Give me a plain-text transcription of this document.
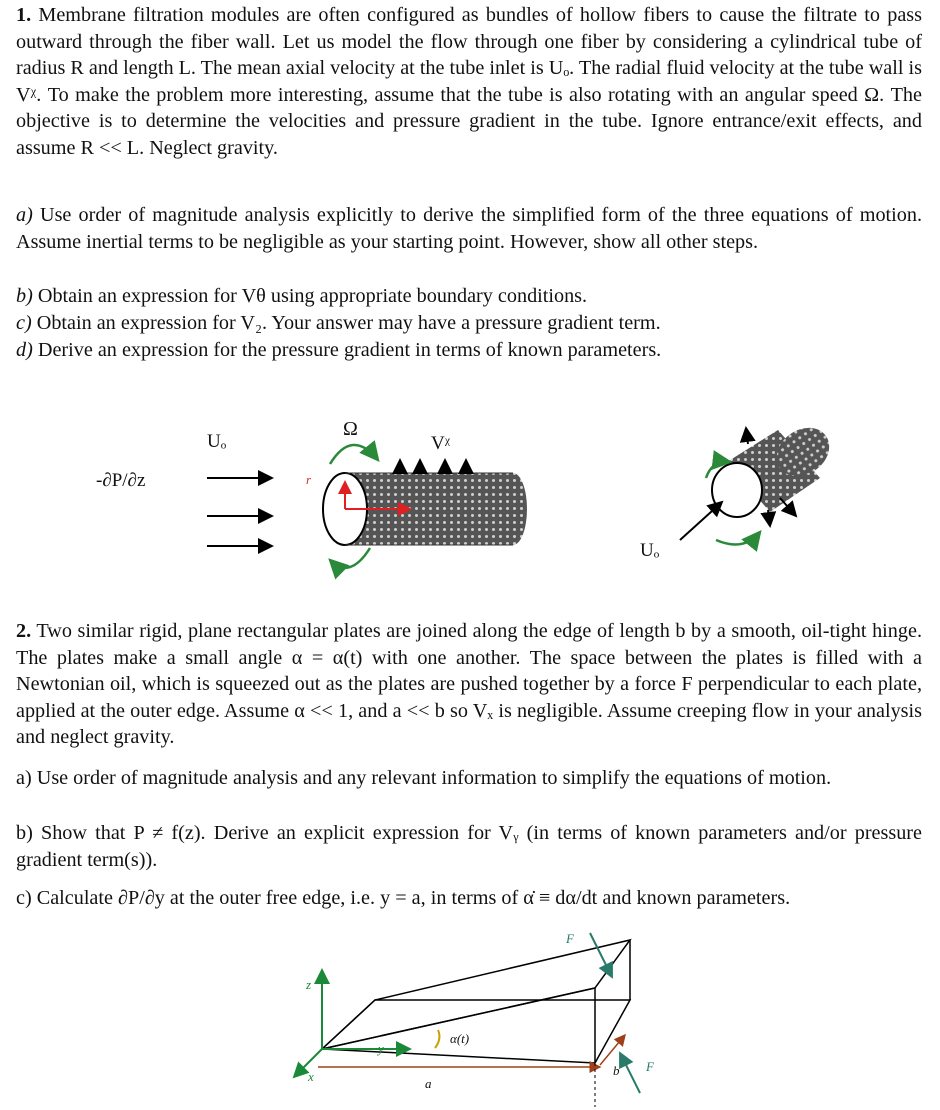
1. Membrane filtration modules are often configured as bundles of hollow fibers to cause the filtrate to pass outward through the fiber wall. Let us model the flow through one fiber by considering a cylindrical tube of radius R and length L. The mean axial velocity at the tube inlet is Uₒ. The radial fluid velocity at the tube wall is Vᵡ. To make the problem more interesting, assume that the tube is also rotating with an angular speed Ω. The objective is to determine the velocities and pressure gradient in the tube. Ignore entrance/exit effects, and assume R << L. Neglect gravity.

a) Use order of magnitude analysis explicitly to derive the simplified form of the three equations of motion. Assume inertial terms to be negligible as your starting point. However, show all other steps.

b) Obtain an expression for Vθ using appropriate boundary conditions.

c) Obtain an expression for V₂. Your answer may have a pressure gradient term.

d) Derive an expression for the pressure gradient in terms of known parameters.

-∂P/∂z
Uₒ
Ω
Vᵡ
r
Uₒ

2. Two similar rigid, plane rectangular plates are joined along the edge of length b by a smooth, oil-tight hinge. The plates make a small angle α = α(t) with one another. The space between the plates is filled with a Newtonian oil, which is squeezed out as the plates are pushed together by a force F perpendicular to each plate, applied at the outer edge. Assume α << 1, and a << b so Vₓ is negligible. Assume creeping flow in your analysis and neglect gravity.

a) Use order of magnitude analysis and any relevant information to simplify the equations of motion.

b) Show that P ≠ f(z). Derive an explicit expression for Vᵧ (in terms of known parameters and/or pressure gradient term(s)).

c) Calculate ∂P/∂y at the outer free edge, i.e. y = a, in terms of α̇ ≡ dα/dt and known parameters.

F
F
z
y
x
α(t)
a
b
